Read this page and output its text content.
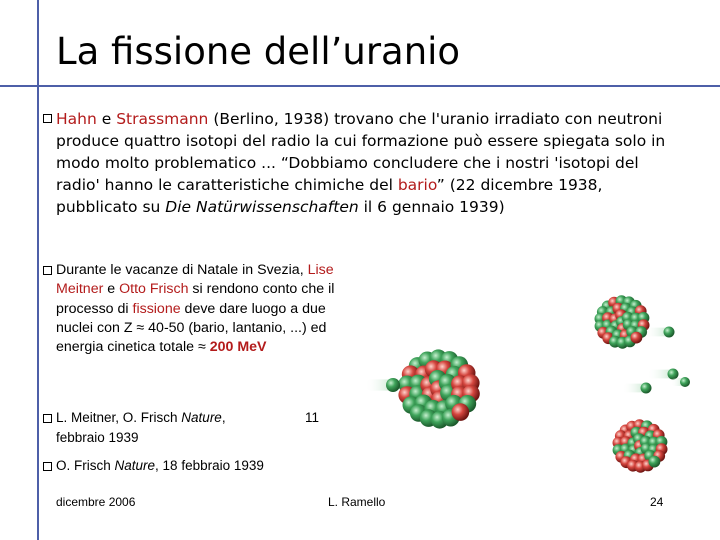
La fissione dell’uranio
Hahn e Strassmann (Berlino, 1938) trovano che l'uranio irradiato con neutroni produce quattro isotopi del radio la cui formazione può essere spiegata solo in modo molto problematico ... “Dobbiamo concludere che i nostri 'isotopi del radio' hanno le caratteristiche chimiche del bario” (22 dicembre 1938, pubblicato su Die Natürwissenschaften il 6 gennaio 1939)
Durante le vacanze di Natale in Svezia, Lise Meitner e Otto Frisch si rendono conto che il processo di fissione deve dare luogo a due nuclei con Z ≈ 40-50 (bario, lantanio, ...) ed energia cinetica totale ≈ 200 MeV
L. Meitner, O. Frisch Nature,	11
febbraio 1939
O. Frisch Nature, 18 febbraio 1939
dicembre 2006	L. Ramello	24
